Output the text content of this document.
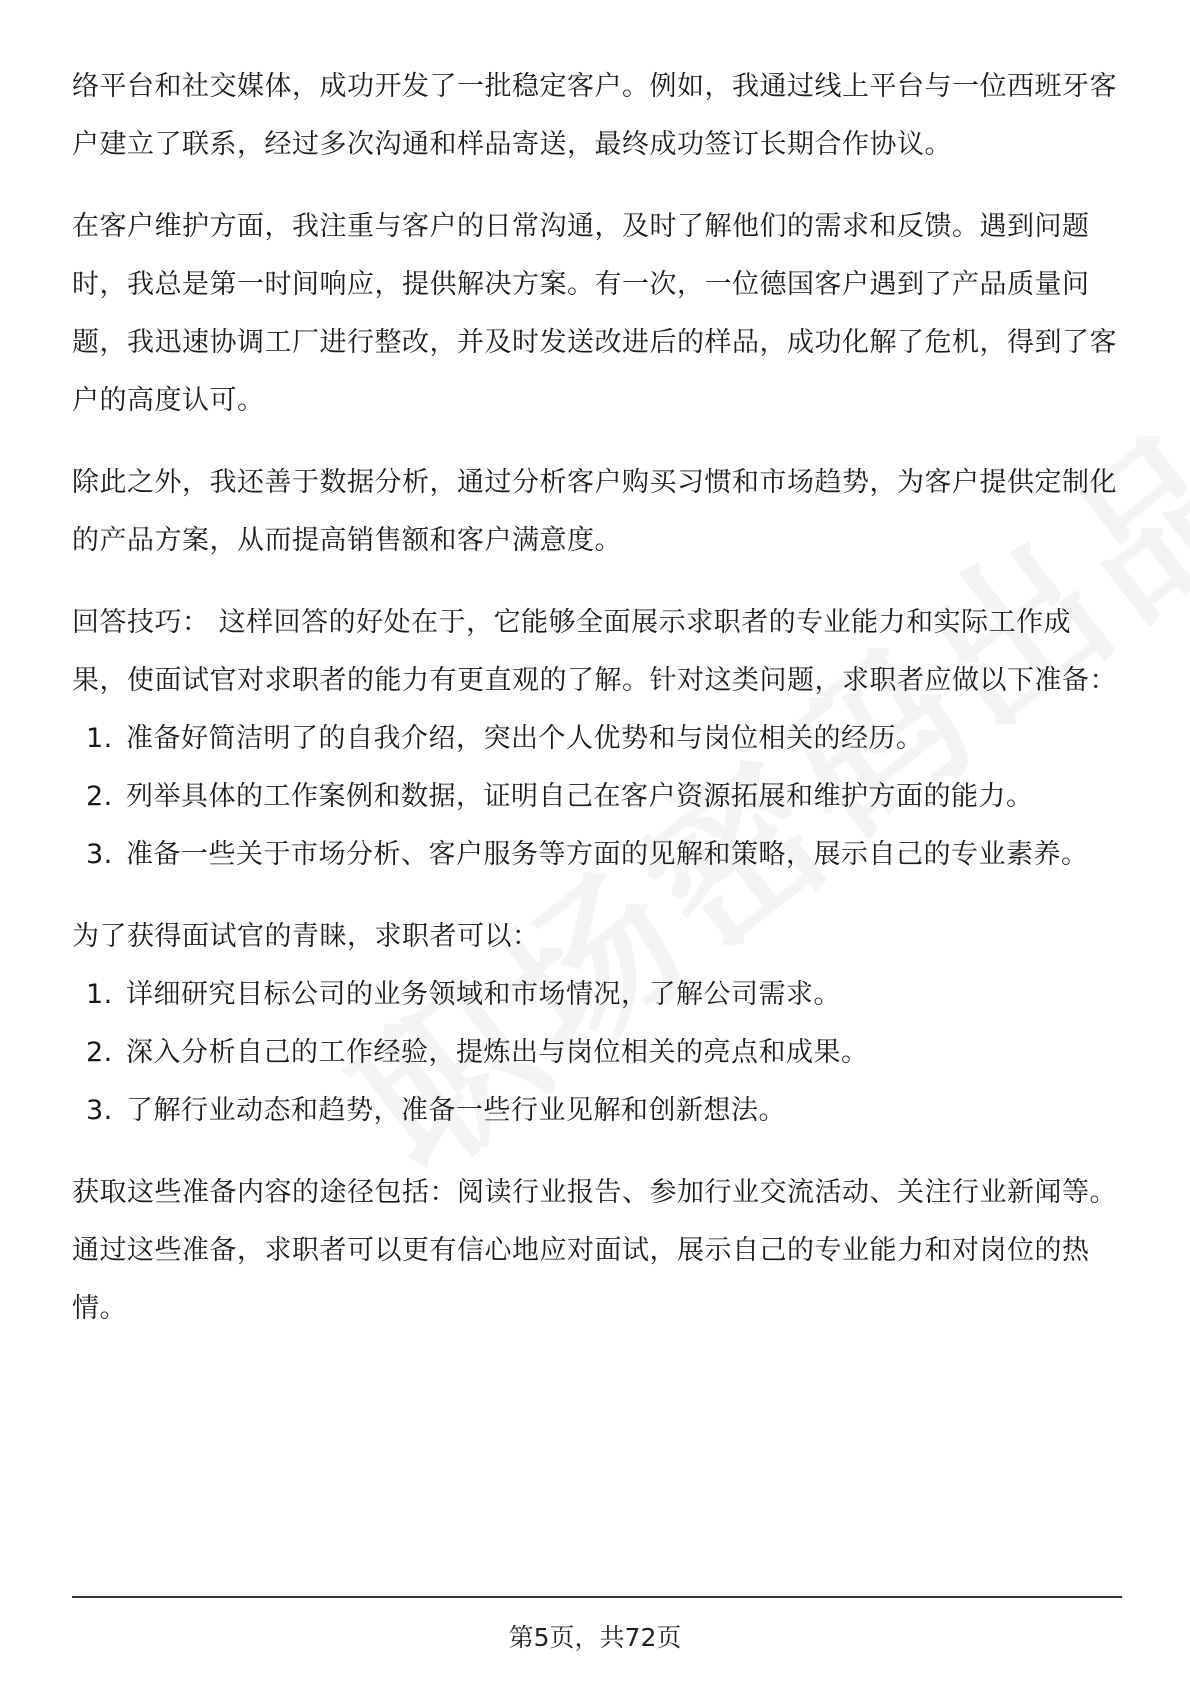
络平台和社交媒体，成功开发了一批稳定客户。例如，我通过线上平台与一位西班牙客户建立了联系，经过多次沟通和样品寄送，最终成功签订长期合作协议。

在客户维护方面，我注重与客户的日常沟通，及时了解他们的需求和反馈。遇到问题时，我总是第一时间响应，提供解决方案。有一次，一位德国客户遇到了产品质量问题，我迅速协调工厂进行整改，并及时发送改进后的样品，成功化解了危机，得到了客户的高度认可。

除此之外，我还善于数据分析，通过分析客户购买习惯和市场趋势，为客户提供定制化的产品方案，从而提高销售额和客户满意度。

回答技巧： 这样回答的好处在于，它能够全面展示求职者的专业能力和实际工作成果，使面试官对求职者的能力有更直观的了解。针对这类问题，求职者应做以下准备：

1. 准备好简洁明了的自我介绍，突出个人优势和与岗位相关的经历。
2. 列举具体的工作案例和数据，证明自己在客户资源拓展和维护方面的能力。
3. 准备一些关于市场分析、客户服务等方面的见解和策略，展示自己的专业素养。

为了获得面试官的青睐，求职者可以：

1. 详细研究目标公司的业务领域和市场情况，了解公司需求。
2. 深入分析自己的工作经验，提炼出与岗位相关的亮点和成果。
3. 了解行业动态和趋势，准备一些行业见解和创新想法。

获取这些准备内容的途径包括：阅读行业报告、参加行业交流活动、关注行业新闻等。通过这些准备，求职者可以更有信心地应对面试，展示自己的专业能力和对岗位的热情。

第5页，共72页
